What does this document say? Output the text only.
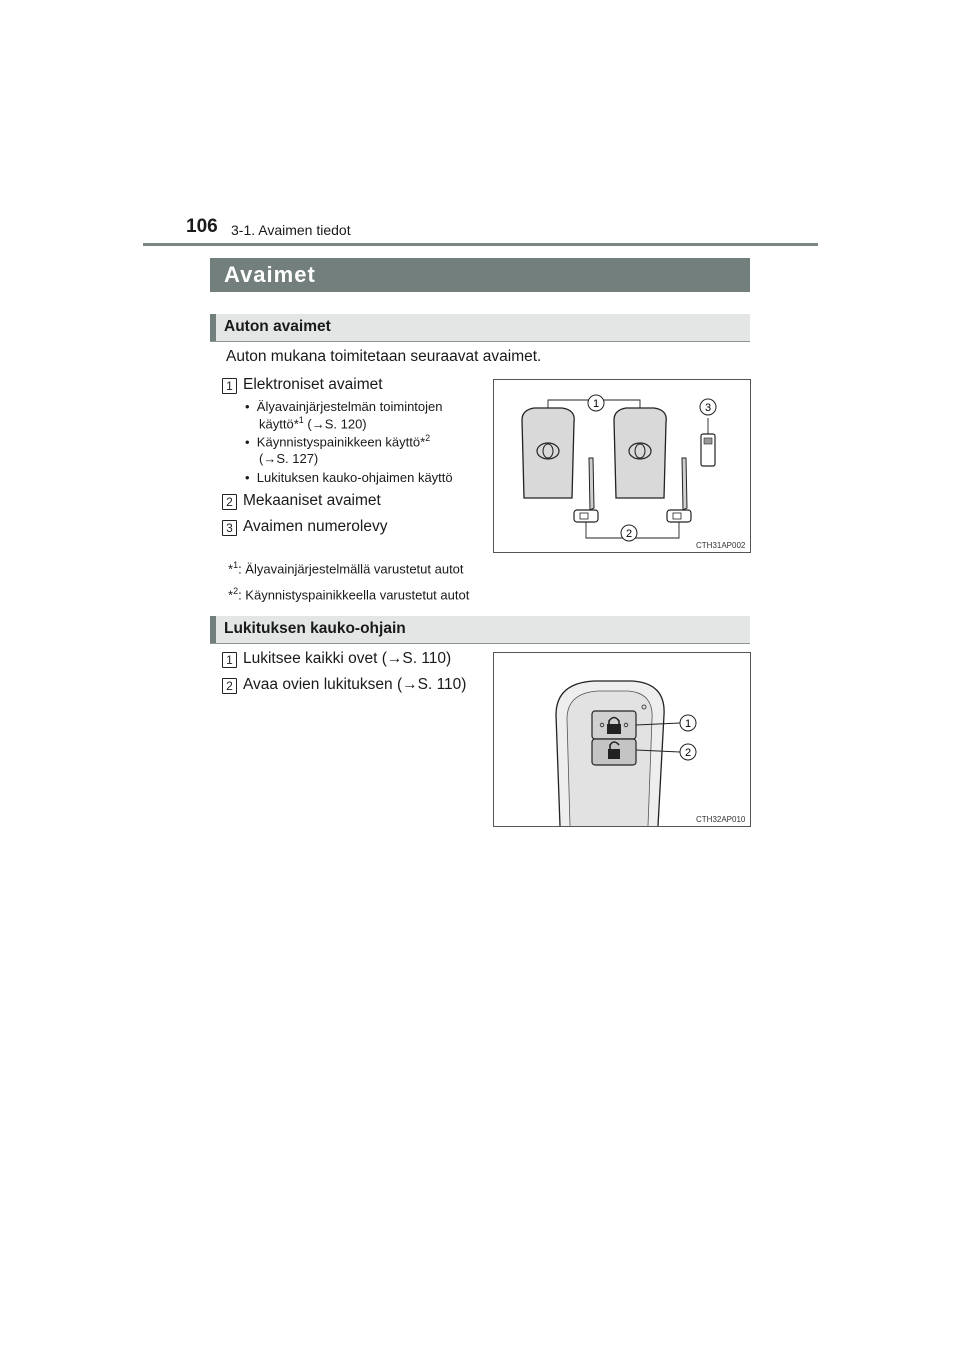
106 3-1. Avaimen tiedot
Avaimet
Auton avaimet
Auton mukana toimitetaan seuraavat avaimet.
1 Elektroniset avaimet
• Älyavainjärjestelmän toimintojen
käyttö*$^1$ (→S. 120)
• Käynnistyspainikkeen käyttö*$^2$
(→S. 127)
• Lukituksen kauko-ohjaimen käyttö
2 Mekaaniset avaimet
3 Avaimen numerolevy
*$^1$: Älyavainjärjestelmällä varustetut autot
*$^2$: Käynnistyspainikkeella varustetut autot
1
2
3
CTH31AP002
Lukituksen kauko-ohjain
1 Lukitsee kaikki ovet (→S. 110)
2 Avaa ovien lukituksen (→S. 110)
1
2
CTH32AP010
